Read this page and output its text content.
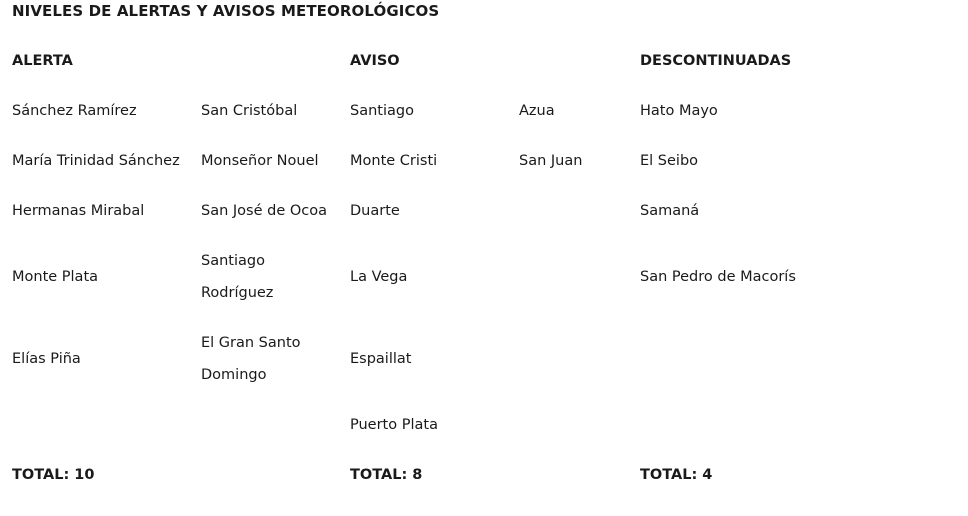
NIVELES DE ALERTAS Y AVISOS METEOROLÓGICOS
ALERTA		AVISO		DESCONTINUADAS
Sánchez Ramírez	San Cristóbal	Santiago	Azua	Hato Mayo
María Trinidad Sánchez	Monseñor Nouel	Monte Cristi	San Juan	El Seibo
Hermanas Mirabal	San José de Ocoa	Duarte		Samaná
Monte Plata	Santiago Rodríguez	La Vega		San Pedro de Macorís
Elías Piña	El Gran Santo Domingo	Espaillat		
		Puerto Plata		
TOTAL: 10		TOTAL: 8		TOTAL: 4
